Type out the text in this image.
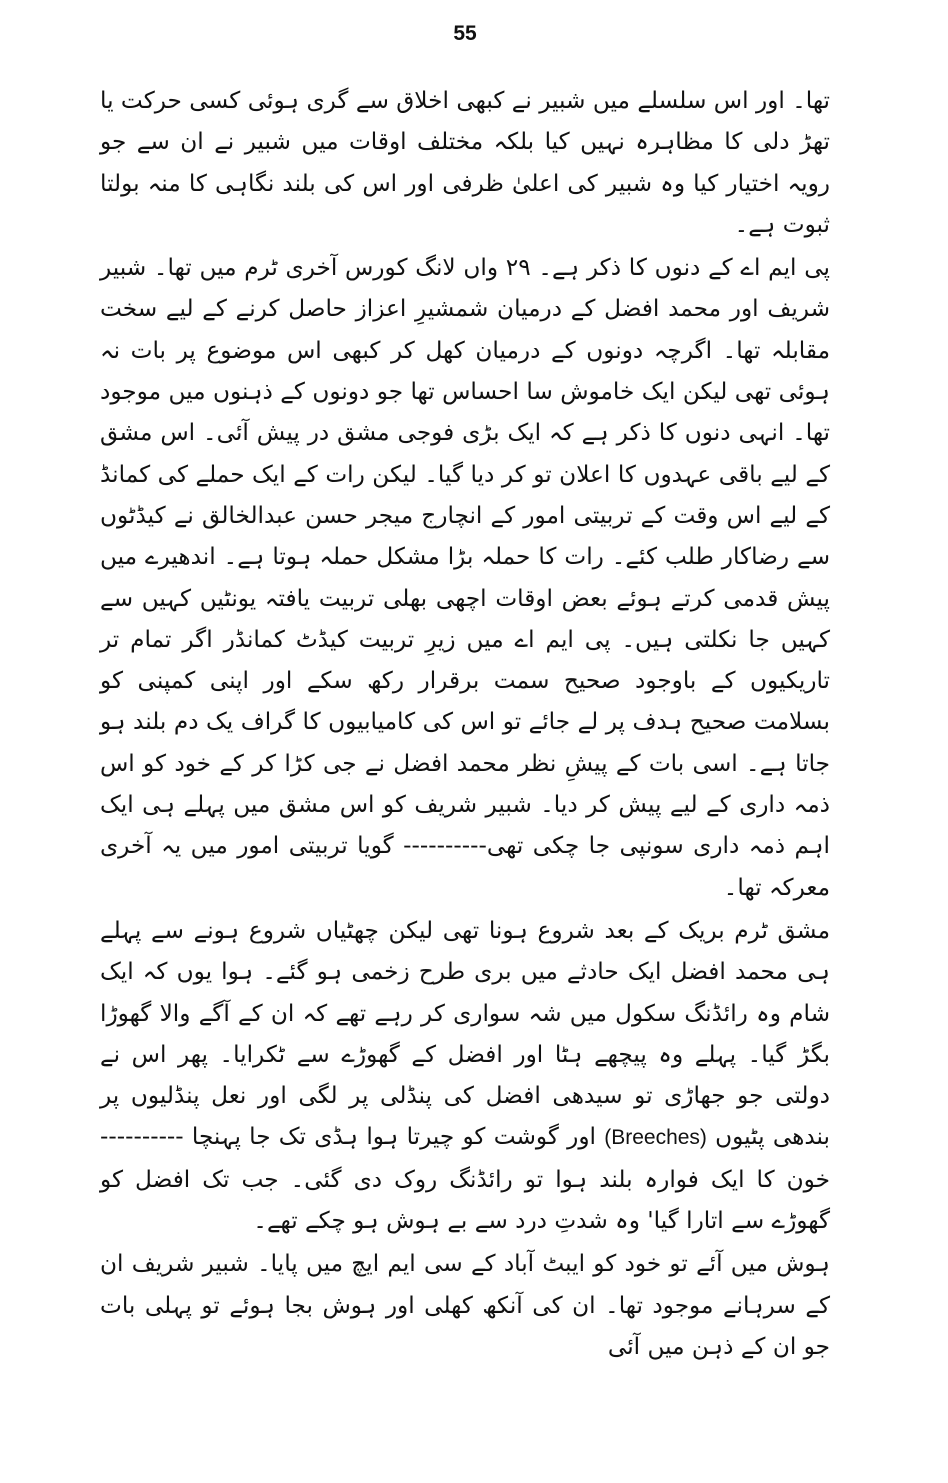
55

تھا۔ اور اس سلسلے میں شبیر نے کبھی اخلاق سے گری ہوئی کسی حرکت یا تھڑ دلی کا مظاہرہ نہیں کیا بلکہ مختلف اوقات میں شبیر نے ان سے جو رویہ اختیار کیا وہ شبیر کی اعلیٰ ظرفی اور اس کی بلند نگاہی کا منہ بولتا ثبوت ہے۔

پی ایم اے کے دنوں کا ذکر ہے۔ ۲۹ واں لانگ کورس آخری ٹرم میں تھا۔ شبیر شریف اور محمد افضل کے درمیان شمشیرِ اعزاز حاصل کرنے کے لیے سخت مقابلہ تھا۔ اگرچہ دونوں کے درمیان کھل کر کبھی اس موضوع پر بات نہ ہوئی تھی لیکن ایک خاموش سا احساس تھا جو دونوں کے ذہنوں میں موجود تھا۔ انہی دنوں کا ذکر ہے کہ ایک بڑی فوجی مشق در پیش آئی۔ اس مشق کے لیے باقی عہدوں کا اعلان تو کر دیا گیا۔ لیکن رات کے ایک حملے کی کمانڈ کے لیے اس وقت کے تربیتی امور کے انچارج میجر حسن عبدالخالق نے کیڈٹوں سے رضاکار طلب کئے۔ رات کا حملہ بڑا مشکل حملہ ہوتا ہے۔ اندھیرے میں پیش قدمی کرتے ہوئے بعض اوقات اچھی بھلی تربیت یافتہ یونٹیں کہیں سے کہیں جا نکلتی ہیں۔ پی ایم اے میں زیرِ تربیت کیڈٹ کمانڈر اگر تمام تر تاریکیوں کے باوجود صحیح سمت برقرار رکھ سکے اور اپنی کمپنی کو بسلامت صحیح ہدف پر لے جائے تو اس کی کامیابیوں کا گراف یک دم بلند ہو جاتا ہے۔ اسی بات کے پیشِ نظر محمد افضل نے جی کڑا کر کے خود کو اس ذمہ داری کے لیے پیش کر دیا۔ شبیر شریف کو اس مشق میں پہلے ہی ایک اہم ذمہ داری سونپی جا چکی تھی---------- گویا تربیتی امور میں یہ آخری معرکہ تھا۔

مشق ٹرم بریک کے بعد شروع ہونا تھی لیکن چھٹیاں شروع ہونے سے پہلے ہی محمد افضل ایک حادثے میں بری طرح زخمی ہو گئے۔ ہوا یوں کہ ایک شام وہ رائڈنگ سکول میں شہ سواری کر رہے تھے کہ ان کے آگے والا گھوڑا بگڑ گیا۔ پہلے وہ پیچھے ہٹا اور افضل کے گھوڑے سے ٹکرایا۔ پھر اس نے دولتی جو جھاڑی تو سیدھی افضل کی پنڈلی پر لگی اور نعل پنڈلیوں پر بندھی پٹیوں (Breeches) اور گوشت کو چیرتا ہوا ہڈی تک جا پہنچا ---------- خون کا ایک فوارہ بلند ہوا تو رائڈنگ روک دی گئی۔ جب تک افضل کو گھوڑے سے اتارا گیا' وہ شدتِ درد سے بے ہوش ہو چکے تھے۔

ہوش میں آئے تو خود کو ایبٹ آباد کے سی ایم ایچ میں پایا۔ شبیر شریف ان کے سرہانے موجود تھا۔ ان کی آنکھ کھلی اور ہوش بجا ہوئے تو پہلی بات جو ان کے ذہن میں آئی
